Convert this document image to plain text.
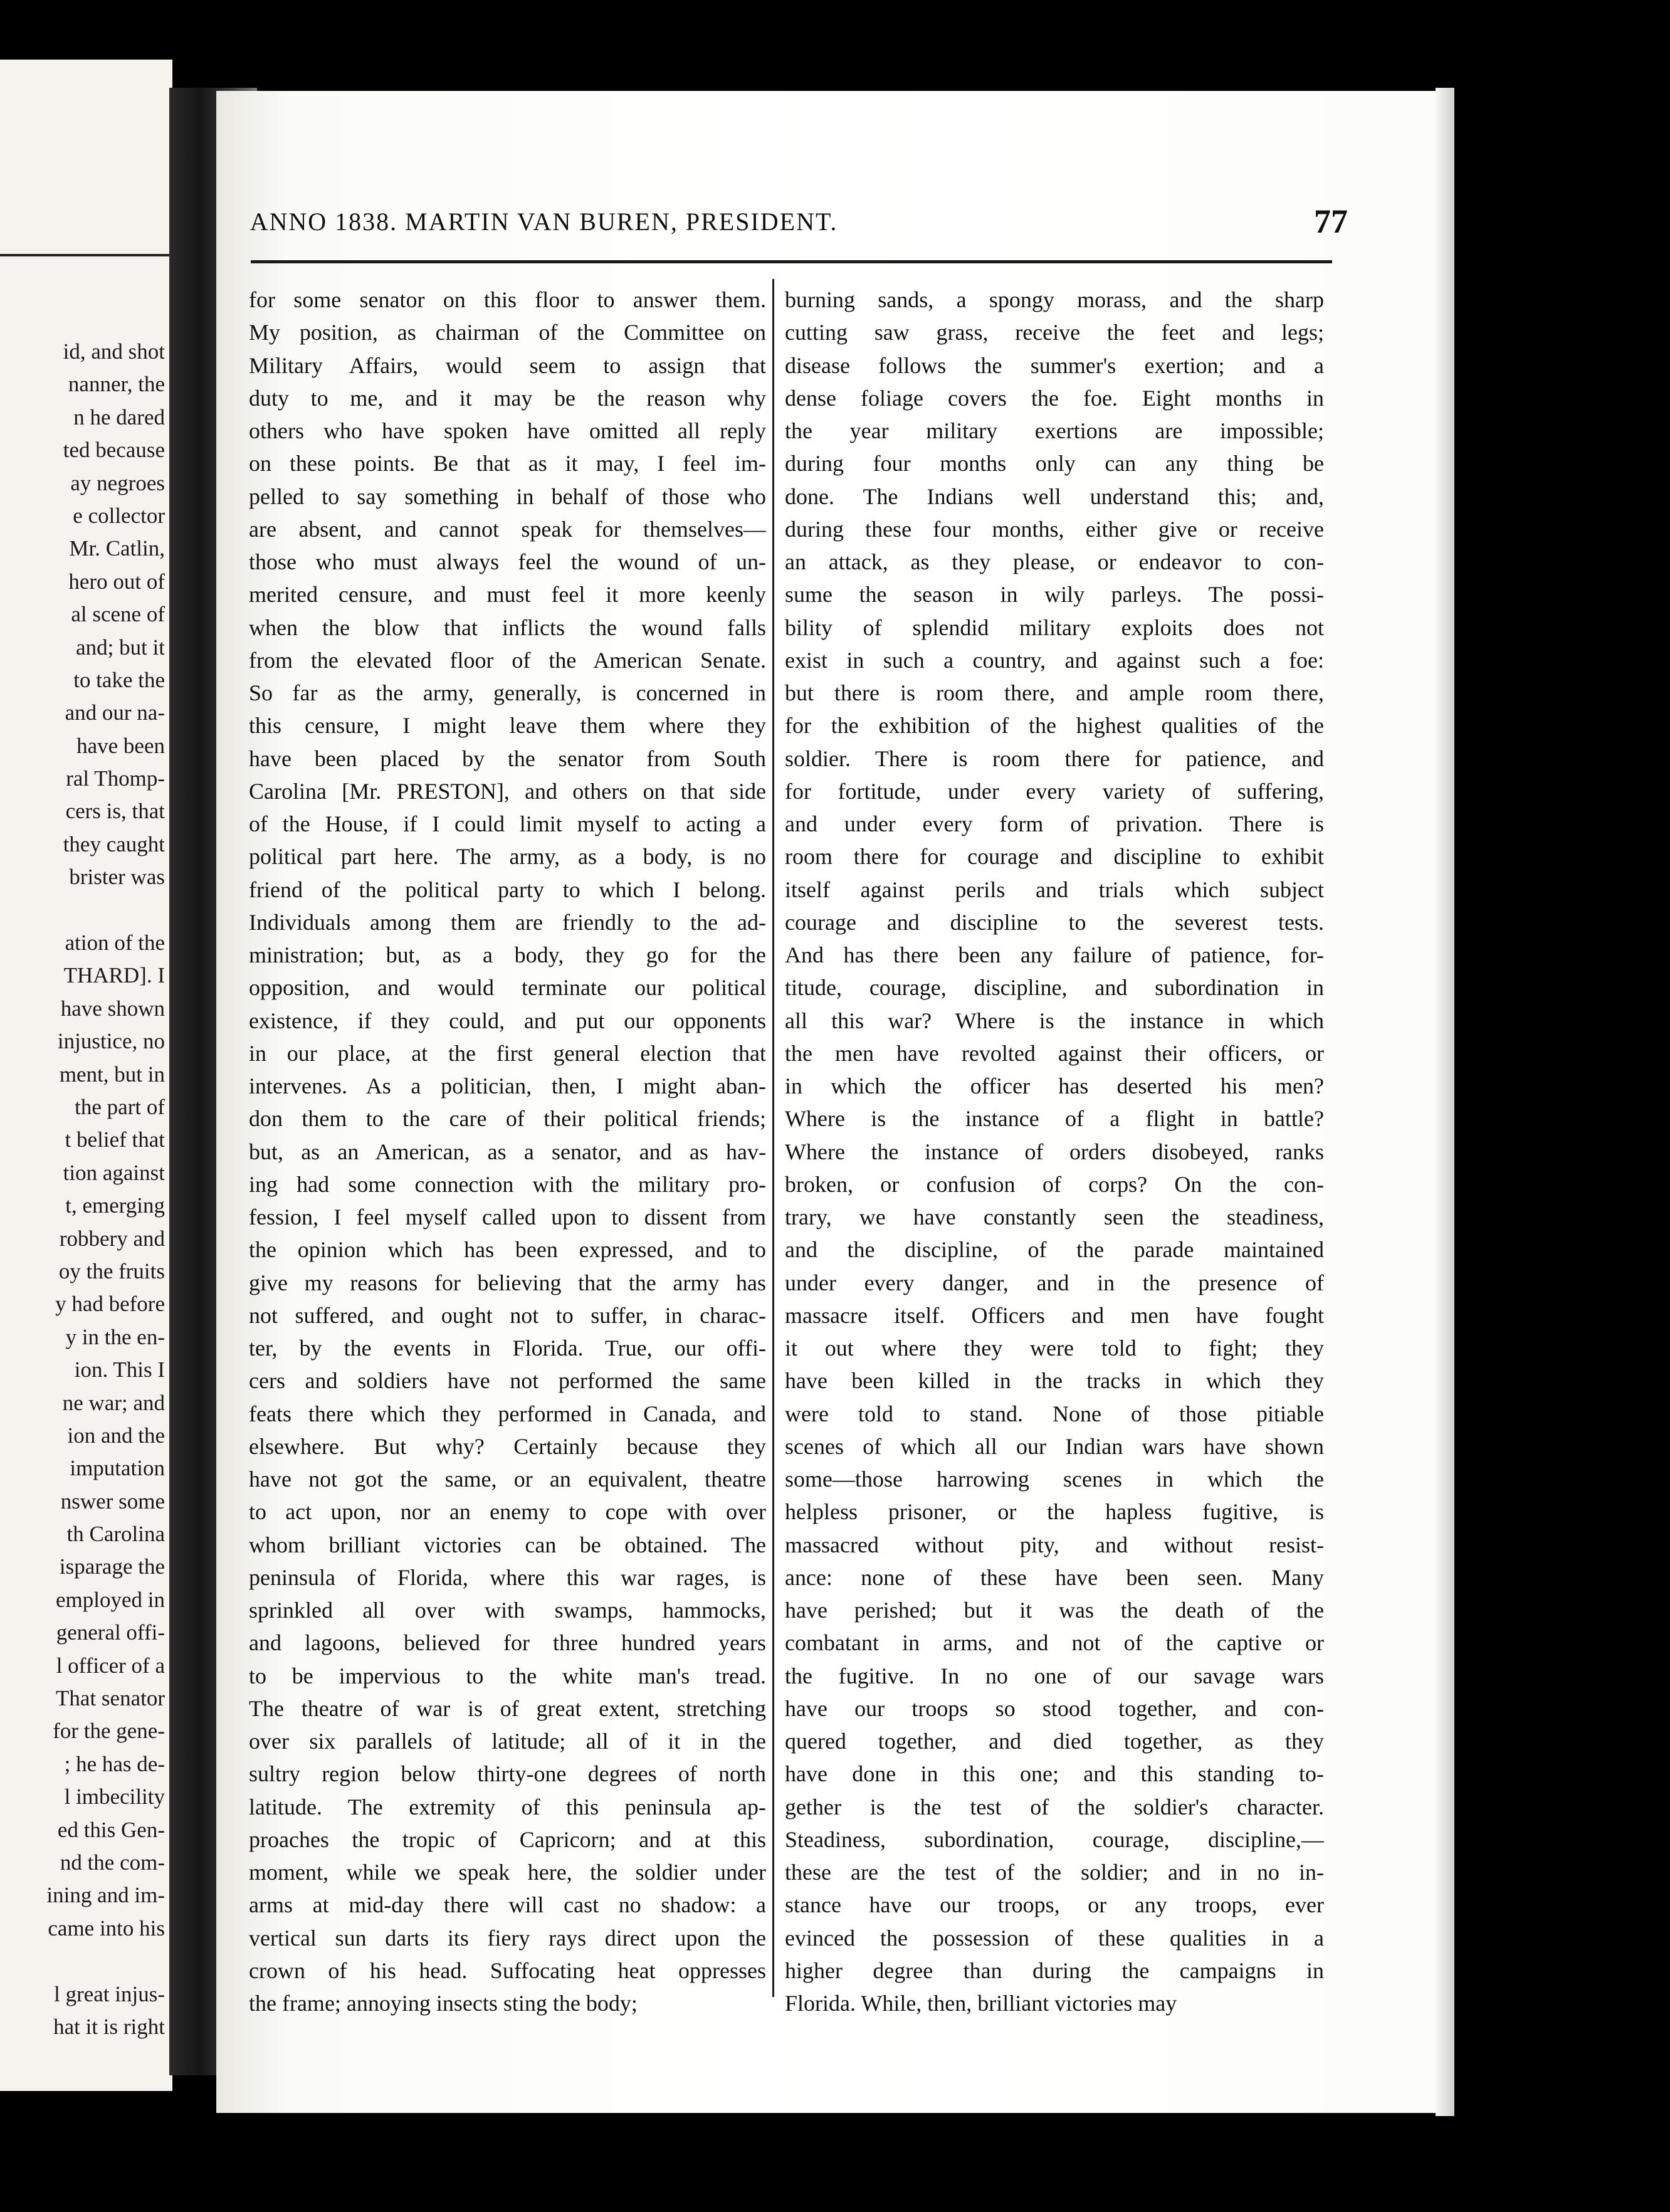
id, and shot
nanner, the
n he dared
ted because
ay negroes
e collector
Mr. Catlin,
hero out of
al scene of
and; but it
to take the
and our na-
have been
ral Thomp-
cers is, that
they caught
brister was
ation of the
THARD]. I
have shown
injustice, no
ment, but in
the part of
t belief that
tion against
t, emerging
robbery and
oy the fruits
y had before
y in the en-
ion. This I
ne war; and
ion and the
imputation
nswer some
th Carolina
isparage the
employed in
general offi-
l officer of a
That senator
for the gene-
; he has de-
l imbecility
ed this Gen-
nd the com-
ining and im-
came into his
l great injus-
hat it is right
ANNO 1838. MARTIN VAN BUREN, PRESIDENT.	77
for some senator on this floor to answer them.
My position, as chairman of the Committee on
Military Affairs, would seem to assign that
duty to me, and it may be the reason why
others who have spoken have omitted all reply
on these points. Be that as it may, I feel im-
pelled to say something in behalf of those who
are absent, and cannot speak for themselves—
those who must always feel the wound of un-
merited censure, and must feel it more keenly
when the blow that inflicts the wound falls
from the elevated floor of the American Senate.
So far as the army, generally, is concerned in
this censure, I might leave them where they
have been placed by the senator from South
Carolina [Mr. PRESTON], and others on that side
of the House, if I could limit myself to acting a
political part here. The army, as a body, is no
friend of the political party to which I belong.
Individuals among them are friendly to the ad-
ministration; but, as a body, they go for the
opposition, and would terminate our political
existence, if they could, and put our opponents
in our place, at the first general election that
intervenes. As a politician, then, I might aban-
don them to the care of their political friends;
but, as an American, as a senator, and as hav-
ing had some connection with the military pro-
fession, I feel myself called upon to dissent from
the opinion which has been expressed, and to
give my reasons for believing that the army has
not suffered, and ought not to suffer, in charac-
ter, by the events in Florida. True, our offi-
cers and soldiers have not performed the same
feats there which they performed in Canada, and
elsewhere. But why? Certainly because they
have not got the same, or an equivalent, theatre
to act upon, nor an enemy to cope with over
whom brilliant victories can be obtained. The
peninsula of Florida, where this war rages, is
sprinkled all over with swamps, hammocks,
and lagoons, believed for three hundred years
to be impervious to the white man's tread.
The theatre of war is of great extent, stretching
over six parallels of latitude; all of it in the
sultry region below thirty-one degrees of north
latitude. The extremity of this peninsula ap-
proaches the tropic of Capricorn; and at this
moment, while we speak here, the soldier under
arms at mid-day there will cast no shadow: a
vertical sun darts its fiery rays direct upon the
crown of his head. Suffocating heat oppresses
the frame; annoying insects sting the body;
burning sands, a spongy morass, and the sharp
cutting saw grass, receive the feet and legs;
disease follows the summer's exertion; and a
dense foliage covers the foe. Eight months in
the year military exertions are impossible;
during four months only can any thing be
done. The Indians well understand this; and,
during these four months, either give or receive
an attack, as they please, or endeavor to con-
sume the season in wily parleys. The possi-
bility of splendid military exploits does not
exist in such a country, and against such a foe:
but there is room there, and ample room there,
for the exhibition of the highest qualities of the
soldier. There is room there for patience, and
for fortitude, under every variety of suffering,
and under every form of privation. There is
room there for courage and discipline to exhibit
itself against perils and trials which subject
courage and discipline to the severest tests.
And has there been any failure of patience, for-
titude, courage, discipline, and subordination in
all this war? Where is the instance in which
the men have revolted against their officers, or
in which the officer has deserted his men?
Where is the instance of a flight in battle?
Where the instance of orders disobeyed, ranks
broken, or confusion of corps? On the con-
trary, we have constantly seen the steadiness,
and the discipline, of the parade maintained
under every danger, and in the presence of
massacre itself. Officers and men have fought
it out where they were told to fight; they
have been killed in the tracks in which they
were told to stand. None of those pitiable
scenes of which all our Indian wars have shown
some—those harrowing scenes in which the
helpless prisoner, or the hapless fugitive, is
massacred without pity, and without resist-
ance: none of these have been seen. Many
have perished; but it was the death of the
combatant in arms, and not of the captive or
the fugitive. In no one of our savage wars
have our troops so stood together, and con-
quered together, and died together, as they
have done in this one; and this standing to-
gether is the test of the soldier's character.
Steadiness, subordination, courage, discipline,—
these are the test of the soldier; and in no in-
stance have our troops, or any troops, ever
evinced the possession of these qualities in a
higher degree than during the campaigns in
Florida. While, then, brilliant victories may
